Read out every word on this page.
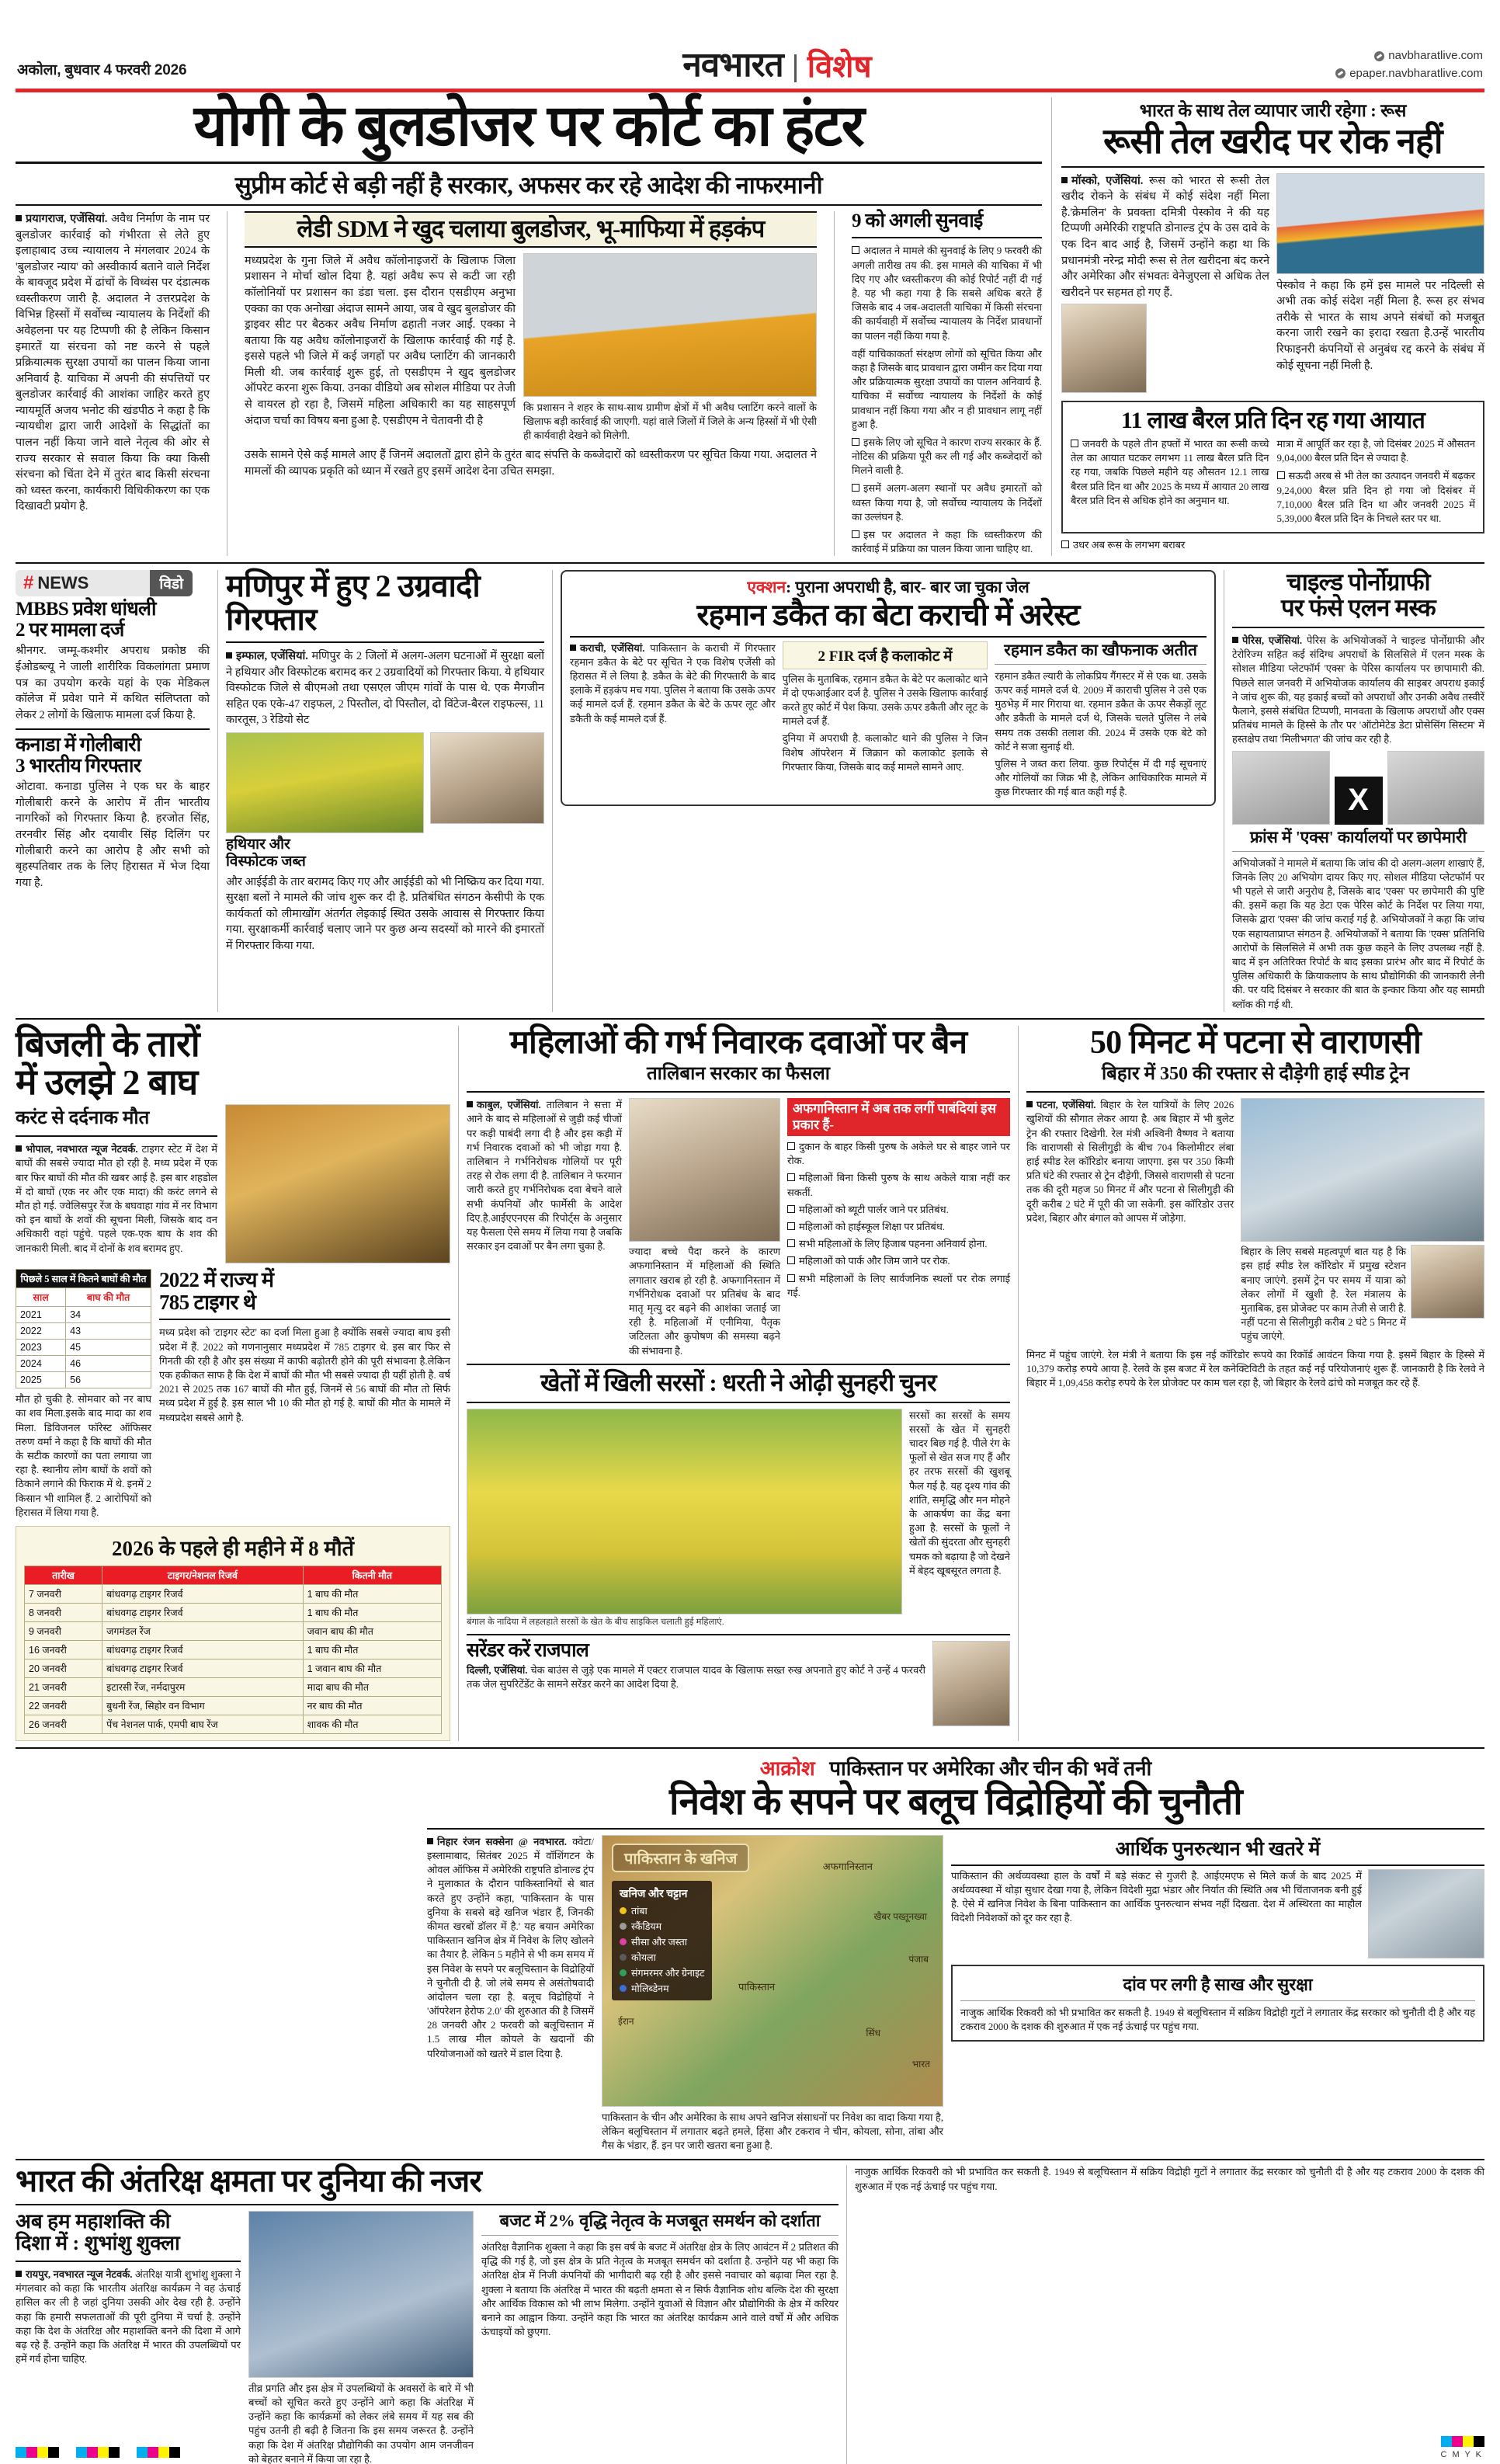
अकोला, बुधवार 4 फरवरी 2026	नवभारत विशेष	navbharatlive.com
epaper.navbharatlive.com
योगी के बुलडोजर पर कोर्ट का हंटर
सुप्रीम कोर्ट से बड़ी नहीं है सरकार, अफसर कर रहे आदेश की नाफरमानी

प्रयागराज, एजेंसियां. अवैध निर्माण के नाम पर बुलडोजर कार्रवाई को गंभीरता से लेते हुए इलाहाबाद उच्च न्यायालय ने मंगलवार 2024 के 'बुलडोजर न्याय' को अस्वीकार्य बताने वाले निर्देश के बावजूद प्रदेश में ढांचों के विध्वंस पर दंडात्मक ध्वस्तीकरण जारी है. अदालत ने उत्तरप्रदेश के विभिन्न हिस्सों में सर्वोच्च न्यायालय के निर्देशों की अवेहलना पर यह टिप्पणी की है लेकिन किसान इमारतें या संरचना को नष्ट करने से पहले प्रक्रियात्मक सुरक्षा उपायों का पालन किया जाना अनिवार्य है. याचिका में अपनी की संपत्तियों पर बुलडोजर कार्रवाई की आशंका जाहिर करते हुए न्यायमूर्ति अजय भनोट की खंडपीठ ने कहा है कि न्यायधीश द्वारा जारी आदेशों के सिद्धांतों का पालन नहीं किया जाने वाले नेतृत्व की ओर से राज्य सरकार से सवाल किया कि क्या किसी संरचना को चिंता देने में तुरंत बाद किसी संरचना को ध्वस्त करना, कार्यकारी विधिकीकरण का एक दिखावटी प्रयोग है.

लेडी SDM ने खुद चलाया बुलडोजर, भू-माफिया में हड़कंप

मध्यप्रदेश के गुना जिले में अवैध कॉलोनाइजरों के खिलाफ जिला प्रशासन ने मोर्चा खोल दिया है. यहां अवैध रूप से कटी जा रही कॉलोनियों पर प्रशासन का डंडा चला. इस दौरान एसडीएम अनुभा एक्का का एक अनोखा अंदाज सामने आया, जब वे खुद बुलडोजर की ड्राइवर सीट पर बैठकर अवैध निर्माण ढहाती नजर आईं. एक्का ने बताया कि यह अवैध कॉलोनाइजरों के खिलाफ कार्रवाई की गई है. इससे पहले भी जिले में कई जगहों पर अवैध प्लाटिंग की जानकारी मिली थी. जब कार्रवाई शुरू हुई, तो एसडीएम ने खुद बुलडोजर ऑपरेट करना शुरू किया. उनका वीडियो अब सोशल मीडिया पर तेजी से वायरल हो रहा है, जिसमें महिला अधिकारी का यह साहसपूर्ण अंदाज चर्चा का विषय बना हुआ है. एसडीएम ने चेतावनी दी है

कि प्रशासन ने शहर के साथ-साथ ग्रामीण क्षेत्रों में भी अवैध प्लाटिंग करने वालों के खिलाफ बड़ी कार्रवाई की जाएगी. यहां वाले जिलों में जिले के अन्य हिस्सों में भी ऐसी ही कार्यवाही देखने को मिलेगी.

उसके सामने ऐसे कई मामले आए हैं जिनमें अदालतों द्वारा होने के तुरंत बाद संपत्ति के कब्जेदारों को ध्वस्तीकरण पर सूचित किया गया. अदालत ने मामलों की व्यापक प्रकृति को ध्यान में रखते हुए इसमें आदेश देना उचित समझा.

9 को अगली सुनवाई

अदालत ने मामले की सुनवाई के लिए 9 फरवरी की अगली तारीख तय की. इस मामले की याचिका में भी दिए गए और ध्वस्तीकरण की कोई रिपोर्ट नहीं दी गई है. यह भी कहा गया है कि सबसे अधिक बरते हैं जिसके बाद 4 जब-अदालती याचिका में किसी संरचना की कार्यवाही में सर्वोच्च न्यायालय के निर्देश प्रावधानों का पालन नहीं किया गया है.

वहीं याचिकाकर्ता संरक्षण लोगों को सूचित किया और कहा है जिसके बाद प्रावधान द्वारा जमीन कर दिया गया और प्रक्रियात्मक सुरक्षा उपायों का पालन अनिवार्य है. याचिका में सर्वोच्च न्यायालय के निर्देशों के कोई प्रावधान नहीं किया गया और न ही प्रावधान लागू नहीं हुआ है.

इसके लिए जो सूचित ने कारण राज्य सरकार के हैं. नोटिस की प्रक्रिया पूरी कर ली गई और कब्जेदारों को मिलने वाली है.

इसमें अलग-अलग स्थानों पर अवैध इमारतों को ध्वस्त किया गया है, जो सर्वोच्च न्यायालय के निर्देशों का उल्लंघन है.

इस पर अदालत ने कहा कि ध्वस्तीकरण की कार्रवाई में प्रक्रिया का पालन किया जाना चाहिए था.

भारत के साथ तेल व्यापार जारी रहेगा : रूस
रूसी तेल खरीद पर रोक नहीं

मॉस्को, एजेंसियां. रूस को भारत से रूसी तेल खरीद रोकने के संबंध में कोई संदेश नहीं मिला है.'क्रेमलिन' के प्रवक्ता दमित्री पेस्कोव ने की यह टिप्पणी अमेरिकी राष्ट्रपति डोनाल्ड ट्रंप के उस दावे के एक दिन बाद आई है, जिसमें उन्होंने कहा था कि प्रधानमंत्री नरेन्द्र मोदी रूस से तेल खरीदना बंद करने और अमेरिका और संभवतः वेनेजुएला से अधिक तेल खरीदने पर सहमत हो गए हैं.

पेस्कोव ने कहा कि हमें इस मामले पर नदिल्ली से अभी तक कोई संदेश नहीं मिला है. रूस हर संभव तरीके से भारत के साथ अपने संबंधों को मजबूत करना जारी रखने का इरादा रखता है.उन्हें भारतीय रिफाइनरी कंपनियों से अनुबंध रद्द करने के संबंध में कोई सूचना नहीं मिली है.

11 लाख बैरल प्रति दिन रह गया आयात

जनवरी के पहले तीन हफ्तों में भारत का रूसी कच्चे तेल का आयात घटकर लगभग 11 लाख बैरल प्रति दिन रह गया, जबकि पिछले महीने यह औसतन 12.1 लाख बैरल प्रति दिन था और 2025 के मध्य में आयात 20 लाख बैरल प्रति दिन से अधिक होने का अनुमान था.

मात्रा में आपूर्ति कर रहा है, जो दिसंबर 2025 में औसतन 9,04,000 बैरल प्रति दिन से ज्यादा है.

सऊदी अरब से भी तेल का उत्पादन जनवरी में बढ़कर 9,24,000 बैरल प्रति दिन हो गया जो दिसंबर में 7,10,000 बैरल प्रति दिन था और जनवरी 2025 में 5,39,000 बैरल प्रति दिन के निचले स्तर पर था.

उधर अब रूस के लगभग बराबर

# NEWS	विडो
MBBS प्रवेश धांधली
2 पर मामला दर्ज

श्रीनगर. जम्मू-कश्मीर अपराध प्रकोष्ठ की ईओडब्ल्यू ने जाली शारीरिक विकलांगता प्रमाण पत्र का उपयोग करके यहां के एक मेडिकल कॉलेज में प्रवेश पाने में कथित संलिप्तता को लेकर 2 लोगों के खिलाफ मामला दर्ज किया है.

कनाडा में गोलीबारी
3 भारतीय गिरफ्तार

ओटावा. कनाडा पुलिस ने एक घर के बाहर गोलीबारी करने के आरोप में तीन भारतीय नागरिकों को गिरफ्तार किया है. हरजोत सिंह, तरनवीर सिंह और दयावीर सिंह दिलिंग पर गोलीबारी करने का आरोप है और सभी को बृहस्पतिवार तक के लिए हिरासत में भेज दिया गया है.

मणिपुर में हुए 2 उग्रवादी गिरफ्तार

इम्फाल, एजेंसियां. मणिपुर के 2 जिलों में अलग-अलग घटनाओं में सुरक्षा बलों ने हथियार और विस्फोटक बरामद कर 2 उग्रवादियों को गिरफ्तार किया. ये हथियार विस्फोटक जिले से बीएमओ तथा एसएल जीएम गांवों के पास थे. एक मैगजीन सहित एक एके-47 राइफल, 2 पिस्तौल, दो पिस्तौल, दो विंटेज-बैरल राइफल्स, 11 कारतूस, 3 रेडियो सेट

हथियार और
विस्फोटक जब्त

और आईईडी के तार बरामद किए गए और आईईडी को भी निष्क्रिय कर दिया गया. सुरक्षा बलों ने मामले की जांच शुरू कर दी है. प्रतिबंधित संगठन केसीपी के एक कार्यकर्ता को लीमाखोंग अंतर्गत लेइकाई स्थित उसके आवास से गिरफ्तार किया गया. सुरक्षाकर्मी कार्रवाई चलाए जाने पर कुछ अन्य सदस्यों को मारने की इमारतों में गिरफ्तार किया गया.

एक्शन: पुराना अपराधी है, बार- बार जा चुका जेल
रहमान डकैत का बेटा कराची में अरेस्ट

कराची, एजेंसियां. पाकिस्तान के कराची में गिरफ्तार रहमान डकैत के बेटे पर सूचित ने एक विशेष एजेंसी को हिरासत में ले लिया है. डकैत के बेटे की गिरफ्तारी के बाद इलाके में हड़कंप मच गया. पुलिस ने बताया कि उसके ऊपर कई मामले दर्ज हैं. रहमान डकैत के बेटे के ऊपर लूट और डकैती के कई मामले दर्ज हैं.

2 FIR दर्ज है कलाकोट में

पुलिस के मुताबिक, रहमान डकैत के बेटे पर कलाकोट थाने में दो एफआईआर दर्ज है. पुलिस ने उसके खिलाफ कार्रवाई करते हुए कोर्ट में पेश किया. उसके ऊपर डकैती और लूट के मामले दर्ज हैं.

दुनिया में अपराधी है. कलाकोट थाने की पुलिस ने जिन विशेष ऑपरेशन में जिक्रान को कलाकोट इलाके से गिरफ्तार किया, जिसके बाद कई मामले सामने आए.

रहमान डकैत का खौफनाक अतीत

रहमान डकैत ल्यारी के लोकप्रिय गैंगस्टर में से एक था. उसके ऊपर कई मामले दर्ज थे. 2009 में काराची पुलिस ने उसे एक मुठभेड़ में मार गिराया था. रहमान डकैत के ऊपर सैकड़ों लूट और डकैती के मामले दर्ज थे, जिसके चलते पुलिस ने लंबे समय तक उसकी तलाश की. 2024 में उसके एक बेटे को कोर्ट ने सजा सुनाई थी.

पुलिस ने जब्त करा लिया. कुछ रिपोर्ट्स में दी गई सूचनाएं और गोलियों का जिक्र भी है, लेकिन आधिकारिक मामले में कुछ गिरफ्तार की गई बात कही गई है.

चाइल्ड पोर्नोग्राफी
पर फंसे एलन मस्क

पेरिस, एजेंसियां. पेरिस के अभियोजकों ने चाइल्ड पोर्नोग्राफी और टेरोरिज्म सहित कई संदिग्ध अपराधों के सिलसिले में एलन मस्क के सोशल मीडिया प्लेटफॉर्म 'एक्स' के पेरिस कार्यालय पर छापामारी की. पिछले साल जनवरी में अभियोजक कार्यालय की साइबर अपराध इकाई ने जांच शुरू की, यह इकाई बच्चों को अपराधों और उनकी अवैध तस्वीरें फैलाने, इससे संबंधित टिप्पणी, मानवता के खिलाफ अपराधों और एक्स प्रतिबंध मामले के हिस्से के तौर पर 'ऑटोमेटेड डेटा प्रोसेसिंग सिस्टम' में हस्तक्षेप तथा 'मिलीभगत' की जांच कर रही है.

X
फ्रांस में 'एक्स' कार्यालयों पर छापेमारी

अभियोजकों ने मामले में बताया कि जांच की दो अलग-अलग शाखाएं हैं, जिनके लिए 20 अभियोग दायर किए गए. सोशल मीडिया प्लेटफॉर्म पर भी पहले से जारी अनुरोध है, जिसके बाद 'एक्स' पर छापेमारी की पुष्टि की. इसमें कहा कि यह डेटा एक पेरिस कोर्ट के निर्देश पर लिया गया, जिसके द्वारा 'एक्स' की जांच कराई गई है. अभियोजकों ने कहा कि जांच एक सहायताप्राप्त संगठन है. अभियोजकों ने बताया कि 'एक्स' प्रतिनिधि आरोपों के सिलसिले में अभी तक कुछ कहने के लिए उपलब्ध नहीं है. बाद में इन अतिरिक्त रिपोर्ट के बाद इसका प्रारंभ और बाद में रिपोर्ट के पुलिस अधिकारी के क्रियाकलाप के साथ प्रौद्योगिकी की जानकारी लेनी की. पर यदि दिसंबर ने सरकार की बात के इन्कार किया और यह सामग्री ब्लॉक की गई थी.

बिजली के तारों
में उलझे 2 बाघ
करंट से दर्दनाक मौत

भोपाल, नवभारत न्यूज नेटवर्क. टाइगर स्टेट में देश में बाघों की सबसे ज्यादा मौत हो रही है. मध्य प्रदेश में एक बार फिर बाघों की मौत की खबर आई है. इस बार शहडोल में दो बाघों (एक नर और एक मादा) की करंट लगने से मौत हो गई. ज्वेलिसपुर रेंज के बघवाहा गांव में नर विभाग को इन बाघों के शवों की सूचना मिली, जिसके बाद वन अधिकारी वहां पहुंचे. पहले एक-एक बाघ के शव की जानकारी मिली. बाद में दोनों के शव बरामद हुए.

पिछले 5 साल में कितने बाघों की मौत	
साल	बाघ की मौत
2021	34
2022	43
2023	45
2024	46
2025	56

मौत हो चुकी है. सोमवार को नर बाघ का शव मिला.इसके बाद मादा का शव मिला. डिविजनल फॉरेस्ट ऑफिसर तरुण वर्मा ने कहा है कि बाघों की मौत के सटीक कारणों का पता लगाया जा रहा है. स्थानीय लोग बाघों के शवों को ठिकाने लगाने की फिराक में थे. इनमें 2 किसान भी शामिल हैं. 2 आरोपियों को हिरासत में लिया गया है.

2022 में राज्य में
785 टाइगर थे

मध्य प्रदेश को 'टाइगर स्टेट' का दर्जा मिला हुआ है क्योंकि सबसे ज्यादा बाघ इसी प्रदेश में हैं. 2022 को गणनानुसार मध्यप्रदेश में 785 टाइगर थे. इस बार फिर से गिनती की रही है और इस संख्या में काफी बढ़ोतरी होने की पूरी संभावना है.लेकिन एक हकीकत साफ है कि देश में बाघों की मौत भी सबसे ज्यादा ही यहीं होती है. वर्ष 2021 से 2025 तक 167 बाघों की मौत हुई, जिनमें से 56 बाघों की मौत तो सिर्फ मध्य प्रदेश में हुई है. इस साल भी 10 की मौत हो गई है. बाघों की मौत के मामले में मध्यप्रदेश सबसे आगे है.

2026 के पहले ही महीने में 8 मौतें
तारीख	टाइगर/नेशनल रिजर्व	कितनी मौत
7 जनवरी	बांधवगढ़ टाइगर रिजर्व	1 बाघ की मौत
8 जनवरी	बांधवगढ़ टाइगर रिजर्व	1 बाघ की मौत
9 जनवरी	जगमंडल रेंज	जवान बाघ की मौत
16 जनवरी	बांधवगढ़ टाइगर रिजर्व	1 बाघ की मौत
20 जनवरी	बांधवगढ़ टाइगर रिजर्व	1 जवान बाघ की मौत
21 जनवरी	इटारसी रेंज, नर्मदापुरम	मादा बाघ की मौत
22 जनवरी	बुधनी रेंज, सिहोर वन विभाग	नर बाघ की मौत
26 जनवरी	पेंच नेशनल पार्क, एमपी बाघ रेंज	शावक की मौत
महिलाओं की गर्भ निवारक दवाओं पर बैन
तालिबान सरकार का फैसला

काबुल, एजेंसियां. तालिबान ने सत्ता में आने के बाद से महिलाओं से जुड़ी कई चीजों पर कड़ी पाबंदी लगा दी है और इस कड़ी में गर्भ निवारक दवाओं को भी जोड़ा गया है. तालिबान ने गर्भनिरोधक गोलियों पर पूरी तरह से रोक लगा दी है. तालिबान ने फरमान जारी करते हुए गर्भनिरोधक दवा बेचने वाले सभी कंपनियों और फार्मेसी के आदेश दिए.है.आईएएनएस की रिपोर्ट्स के अनुसार यह फैसला ऐसे समय में लिया गया है जबकि सरकार इन दवाओं पर बैन लगा चुका है.	ज्यादा बच्चे पैदा करने के कारण अफगानिस्तान में महिलाओं की स्थिति लगातार खराब हो रही है. अफगानिस्तान में गर्भनिरोधक दवाओं पर प्रतिबंध के बाद मातृ मृत्यु दर बढ़ने की आशंका जताई जा रही है. महिलाओं में एनीमिया, पैतृक जटिलता और कुपोषण की समस्या बढ़ने की संभावना है.

अफगानिस्तान में अब तक लगीं पाबंदियां इस प्रकार हैं-

दुकान के बाहर किसी पुरुष के अकेले घर से बाहर जाने पर रोक.

महिलाओं बिना किसी पुरुष के साथ अकेले यात्रा नहीं कर सकतीं.

महिलाओं को ब्यूटी पार्लर जाने पर प्रतिबंध.

महिलाओं को हाईस्कूल शिक्षा पर प्रतिबंध.

सभी महिलाओं के लिए हिजाब पहनना अनिवार्य होना.

महिलाओं को पार्क और जिम जाने पर रोक.

सभी महिलाओं के लिए सार्वजनिक स्थलों पर रोक लगाई गई.

खेतों में खिली सरसों : धरती ने ओढ़ी सुनहरी चुनर

बंगाल के नादिया में लहलहाते सरसों के खेत के बीच साइकिल चलाती हुई महिलाएं.

सरसों का सरसों के समय सरसों के खेत में सुनहरी चादर बिछ गई है. पीले रंग के फूलों से खेत सज गए हैं और हर तरफ सरसों की खुशबू फैल गई है. यह दृश्य गांव की शांति, समृद्धि और मन मोहने के आकर्षण का केंद्र बना हुआ है. सरसों के फूलों ने खेतों की सुंदरता और सुनहरी चमक को बढ़ाया है जो देखने में बेहद खूबसूरत लगता है.

सरेंडर करें राजपाल

दिल्ली, एजेंसियां. चेक बाउंस से जुड़े एक मामले में एक्टर राजपाल यादव के खिलाफ सख्त रुख अपनाते हुए कोर्ट ने उन्हें 4 फरवरी तक जेल सुपरिटेंडेंट के सामने सरेंडर करने का आदेश दिया है.

50 मिनट में पटना से वाराणसी
बिहार में 350 की रफ्तार से दौड़ेगी हाई स्पीड ट्रेन

पटना, एजेंसियां. बिहार के रेल यात्रियों के लिए 2026 खुशियों की सौगात लेकर आया है. अब बिहार में भी बुलेट ट्रेन की रफ्तार दिखेगी. रेल मंत्री अश्विनी वैष्णव ने बताया कि वाराणसी से सिलीगुड़ी के बीच 704 किलोमीटर लंबा हाई स्पीड रेल कॉरिडोर बनाया जाएगा. इस पर 350 किमी प्रति घंटे की रफ्तार से ट्रेन दौड़ेगी, जिससे वाराणसी से पटना तक की दूरी महज 50 मिनट में और पटना से सिलीगुड़ी की दूरी करीब 2 घंटे में पूरी की जा सकेगी. इस कॉरिडोर उत्तर प्रदेश, बिहार और बंगाल को आपस में जोड़ेगा.

बिहार के लिए सबसे महत्वपूर्ण बात यह है कि इस हाई स्पीड रेल कॉरिडोर में प्रमुख स्टेशन बनाए जाएंगे. इसमें ट्रेन पर समय में यात्रा को लेकर लोगों में खुशी है. रेल मंत्रालय के मुताबिक, इस प्रोजेक्ट पर काम तेजी से जारी है. नहीं पटना से सिलीगुड़ी करीब 2 घंटे 5 मिनट में पहुंच जाएंगे.

मिनट में पहुंच जाएंगे. रेल मंत्री ने बताया कि इस नई कॉरिडोर रूपये का रिकॉर्ड आवंटन किया गया है. इसमें बिहार के हिस्से में 10,379 करोड़ रुपये आया है. रेलवे के इस बजट में रेल कनेक्टिविटी के तहत कई नई परियोजनाएं शुरू हैं. जानकारी है कि रेलवे ने बिहार में 1,09,458 करोड़ रुपये के रेल प्रोजेक्ट पर काम चल रहा है, जो बिहार के रेलवे ढांचे को मजबूत कर रहे हैं.

आक्रोश पाकिस्तान पर अमेरिका और चीन की भवें तनी
निवेश के सपने पर बलूच विद्रोहियों की चुनौती

निहार रंजन सक्सेना @ नवभारत. क्वेटा/इस्लामाबाद, सितंबर 2025 में वॉशिंगटन के ओवल ऑफिस में अमेरिकी राष्ट्रपति डोनाल्ड ट्रंप ने मुलाकात के दौरान पाकिस्तानियों से बात करते हुए उन्होंने कहा, 'पाकिस्तान के पास दुनिया के सबसे बड़े खनिज भंडार हैं, जिनकी कीमत खरबों डॉलर में है.' यह बयान अमेरिका पाकिस्तान खनिज क्षेत्र में निवेश के लिए खोलने का तैयार है. लेकिन 5 महीने से भी कम समय में इस निवेश के सपने पर बलूचिस्तान के विद्रोहियों ने चुनौती दी है. जो लंबे समय से असंतोषवादी आंदोलन चला रहा है. बलूच विद्रोहियों ने 'ऑपरेशन हेरोफ 2.0' की शुरुआत की है जिसमें 28 जनवरी और 2 फरवरी को बलूचिस्तान में 1.5 लाख मील कोयले के खदानों की परियोजनाओं को खतरे में डाल दिया है.

पाकिस्तान के खनिज
खनिज और चट्टान
तांबा
स्कैंडियम
सीसा और जस्ता
कोयला
संगमरमर और ग्रेनाइट
मोलिब्डेनम
अफगानिस्तान
खैबर पख्तूनख्वा
पंजाब
पाकिस्तान
ईरान
सिंध
भारत

पाकिस्तान के चीन और अमेरिका के साथ अपने खनिज संसाधनों पर निवेश का वादा किया गया है, लेकिन बलूचिस्तान में लगातार बढ़ते हमले, हिंसा और टकराव ने चीन, कोयला, सोना, तांबा और गैस के भंडार, हैं. इन पर जारी खतरा बना हुआ है.

आर्थिक पुनरुत्थान भी खतरे में

पाकिस्तान की अर्थव्यवस्था हाल के वर्षों में बड़े संकट से गुजरी है. आईएमएफ से मिले कर्ज के बाद 2025 में अर्थव्यवस्था में थोड़ा सुधार देखा गया है, लेकिन विदेशी मुद्रा भंडार और निर्यात की स्थिति अब भी चिंताजनक बनी हुई है. ऐसे में खनिज निवेश के बिना पाकिस्तान का आर्थिक पुनरुत्थान संभव नहीं दिखता. देश में अस्थिरता का माहौल विदेशी निवेशकों को दूर कर रहा है.

दांव पर लगी है साख और सुरक्षा

नाजुक आर्थिक रिकवरी को भी प्रभावित कर सकती है. 1949 से बलूचिस्तान में सक्रिय विद्रोही गुटों ने लगातार केंद्र सरकार को चुनौती दी है और यह टकराव 2000 के दशक की शुरुआत में एक नई ऊंचाई पर पहुंच गया.

भारत की अंतरिक्ष क्षमता पर दुनिया की नजर
अब हम महाशक्ति की
दिशा में : शुभांशु शुक्ला

रायपुर, नवभारत न्यूज नेटवर्क. अंतरिक्ष यात्री शुभांशु शुक्ला ने मंगलवार को कहा कि भारतीय अंतरिक्ष कार्यक्रम ने वह ऊंचाई हासिल कर ली है जहां दुनिया उसकी ओर देख रही है. उन्होंने कहा कि हमारी सफलताओं की पूरी दुनिया में चर्चा है. उन्होंने कहा कि देश के अंतरिक्ष और महाशक्ति बनने की दिशा में आगे बढ़ रहे हैं. उन्होंने कहा कि अंतरिक्ष में भारत की उपलब्धियों पर हमें गर्व होना चाहिए.

तीव्र प्रगति और इस क्षेत्र में उपलब्धियों के अवसरों के बारे में भी बच्चों को सूचित करते हुए उन्होंने आगे कहा कि अंतरिक्ष में उन्होंने कहा कि कार्यक्रमों को लेकर लंबे समय में यह सब की पहुंच उतनी ही बढ़ी है जितना कि इस समय जरूरत है. उन्होंने कहा कि देश में अंतरिक्ष प्रौद्योगिकी का उपयोग आम जनजीवन को बेहतर बनाने में किया जा रहा है.

बजट में 2% वृद्धि नेतृत्व के मजबूत समर्थन को दर्शाता

अंतरिक्ष वैज्ञानिक शुक्ला ने कहा कि इस वर्ष के बजट में अंतरिक्ष क्षेत्र के लिए आवंटन में 2 प्रतिशत की वृद्धि की गई है, जो इस क्षेत्र के प्रति नेतृत्व के मजबूत समर्थन को दर्शाता है. उन्होंने यह भी कहा कि अंतरिक्ष क्षेत्र में निजी कंपनियों की भागीदारी बढ़ रही है और इससे नवाचार को बढ़ावा मिल रहा है. शुक्ला ने बताया कि अंतरिक्ष में भारत की बढ़ती क्षमता से न सिर्फ वैज्ञानिक शोध बल्कि देश की सुरक्षा और आर्थिक विकास को भी लाभ मिलेगा. उन्होंने युवाओं से विज्ञान और प्रौद्योगिकी के क्षेत्र में करियर बनाने का आह्वान किया. उन्होंने कहा कि भारत का अंतरिक्ष कार्यक्रम आने वाले वर्षों में और अधिक ऊंचाइयों को छुएगा.

नाजुक आर्थिक रिकवरी को भी प्रभावित कर सकती है. 1949 से बलूचिस्तान में सक्रिय विद्रोही गुटों ने लगातार केंद्र सरकार को चुनौती दी है और यह टकराव 2000 के दशक की शुरुआत में एक नई ऊंचाई पर पहुंच गया.

C M Y K
